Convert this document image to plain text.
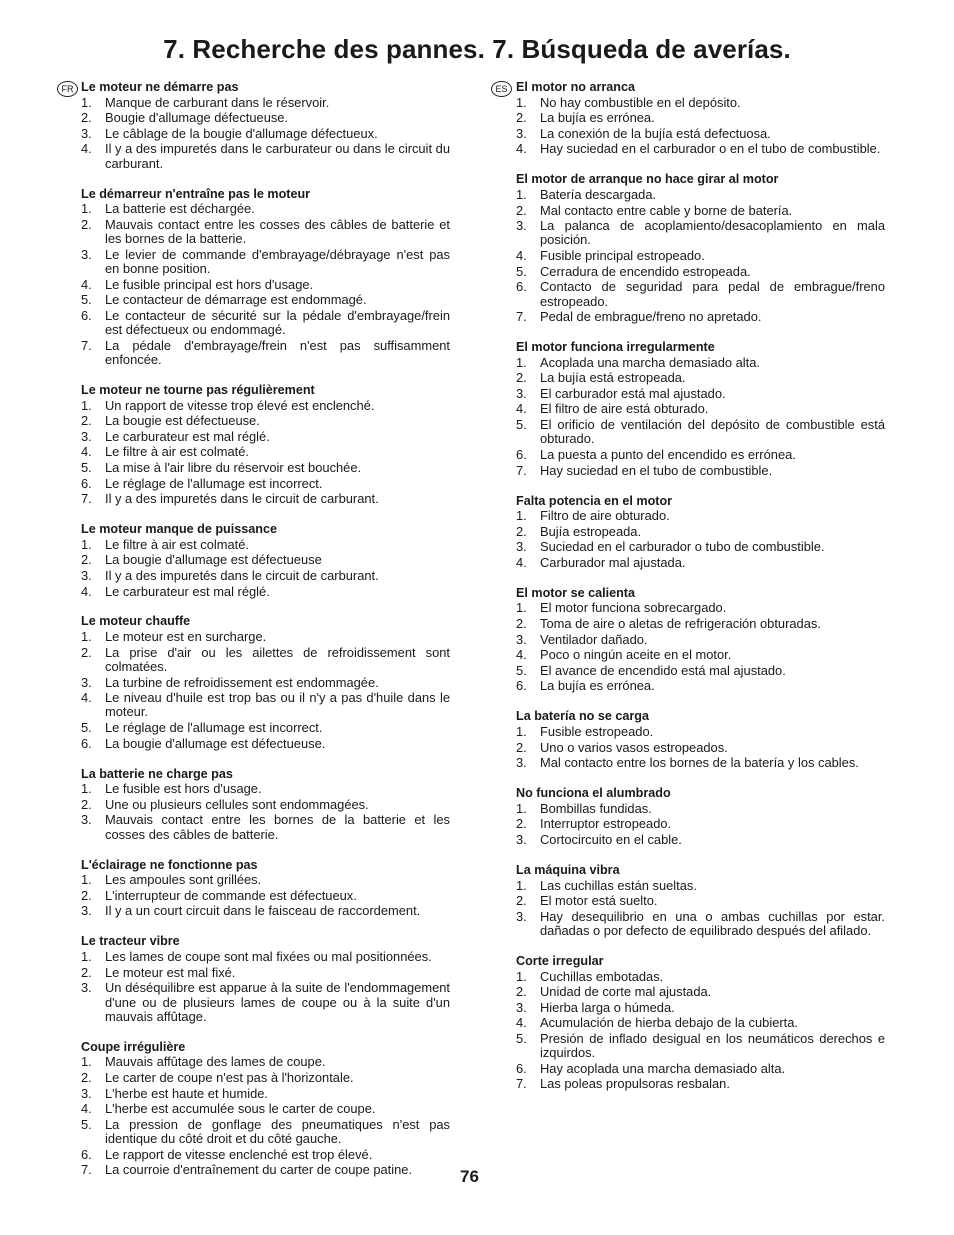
7. Recherche des pannes. 7. Búsqueda de averías.
FR Le moteur ne démarre pas
1. Manque de carburant dans le réservoir.
2. Bougie d'allumage défectueuse.
3. Le câblage de la bougie d'allumage défectueux.
4. Il y a des impuretés dans le carburateur ou dans le circuit du carburant.
Le démarreur n'entraîne pas le moteur
1. La batterie est déchargée.
2. Mauvais contact entre les cosses des câbles de batterie et les bornes de la batterie.
3. Le levier de commande d'embrayage/débrayage n'est pas en bonne position.
4. Le fusible principal est hors d'usage.
5. Le contacteur de démarrage est endommagé.
6. Le contacteur de sécurité sur la pédale d'embrayage/frein est défectueux ou endommagé.
7. La pédale d'embrayage/frein n'est pas suffisamment enfoncée.
Le moteur ne tourne pas régulièrement
1. Un rapport de vitesse trop élevé est enclenché.
2. La bougie est défectueuse.
3. Le carburateur est mal réglé.
4. Le filtre à air est colmaté.
5. La mise à l'air libre du réservoir est bouchée.
6. Le réglage de l'allumage est incorrect.
7. Il y a des impuretés dans le circuit de carburant.
Le moteur manque de puissance
1. Le filtre à air est colmaté.
2. La bougie d'allumage est défectueuse
3. Il y a des impuretés dans le circuit de carburant.
4. Le carburateur est mal réglé.
Le moteur chauffe
1. Le moteur est en surcharge.
2. La prise d'air ou les ailettes de refroidissement sont colmatées.
3. La turbine de refroidissement est endommagée.
4. Le niveau d'huile est trop bas ou il n'y a pas d'huile dans le moteur.
5. Le réglage de l'allumage est incorrect.
6. La bougie d'allumage est défectueuse.
La batterie ne charge pas
1. Le fusible est hors d'usage.
2. Une ou plusieurs cellules sont endommagées.
3. Mauvais contact entre les bornes de la batterie et les cosses des câbles de batterie.
L'éclairage ne fonctionne pas
1. Les ampoules sont grillées.
2. L'interrupteur de commande est défectueux.
3. Il y a un court circuit dans le faisceau de raccordement.
Le tracteur vibre
1. Les lames de coupe sont mal fixées ou mal positionnées.
2. Le moteur est mal fixé.
3. Un déséquilibre est apparue à la suite de l'endommagement d'une ou de plusieurs lames de coupe ou à la suite d'un mauvais affûtage.
Coupe irrégulière
1. Mauvais affûtage des lames de coupe.
2. Le carter de coupe n'est pas à l'horizontale.
3. L'herbe est haute et humide.
4. L'herbe est accumulée sous le carter de coupe.
5. La pression de gonflage des pneumatiques n'est pas identique du côté droit et du côté gauche.
6. Le rapport de vitesse enclenché est trop élevé.
7. La courroie d'entraînement du carter de coupe patine.
ES El motor no arranca
1. No hay combustible en el depósito.
2. La bujía es errónea.
3. La conexión de la bujía está defectuosa.
4. Hay suciedad en el carburador o en el tubo de combustible.
El motor de arranque no hace girar al motor
1. Batería descargada.
2. Mal contacto entre cable y borne de batería.
3. La palanca de acoplamiento/desacoplamiento en mala posición.
4. Fusible principal estropeado.
5. Cerradura de encendido estropeada.
6. Contacto de seguridad para pedal de embrague/freno estropeado.
7. Pedal de embrague/freno no apretado.
El motor funciona irregularmente
1. Acoplada una marcha demasiado alta.
2. La bujía está estropeada.
3. El carburador está mal ajustado.
4. El filtro de aire está obturado.
5. El orificio de ventilación del depósito de combustible está obturado.
6. La puesta a punto del encendido es errónea.
7. Hay suciedad en el tubo de combustible.
Falta potencia en el motor
1. Filtro de aire obturado.
2. Bujía estropeada.
3. Suciedad en el carburador o tubo de combustible.
4. Carburador mal ajustada.
El motor se calienta
1. El motor funciona sobrecargado.
2. Toma de aire o aletas de refrigeración obturadas.
3. Ventilador dañado.
4. Poco o ningún aceite en el motor.
5. El avance de encendido está mal ajustado.
6. La bujía es errónea.
La batería no se carga
1. Fusible estropeado.
2. Uno o varios vasos estropeados.
3. Mal contacto entre los bornes de la batería y los cables.
No funciona el alumbrado
1. Bombillas fundidas.
2. Interruptor estropeado.
3. Cortocircuito en el cable.
La máquina vibra
1. Las cuchillas están sueltas.
2. El motor está suelto.
3. Hay desequilibrio en una o ambas cuchillas por estar. dañadas o por defecto de equilibrado después del afilado.
Corte irregular
1. Cuchillas embotadas.
2. Unidad de corte mal ajustada.
3. Hierba larga o húmeda.
4. Acumulación de hierba debajo de la cubierta.
5. Presión de inflado desigual en los neumáticos derechos e izquirdos.
6. Hay acoplada una marcha demasiado alta.
7. Las poleas propulsoras resbalan.
76
